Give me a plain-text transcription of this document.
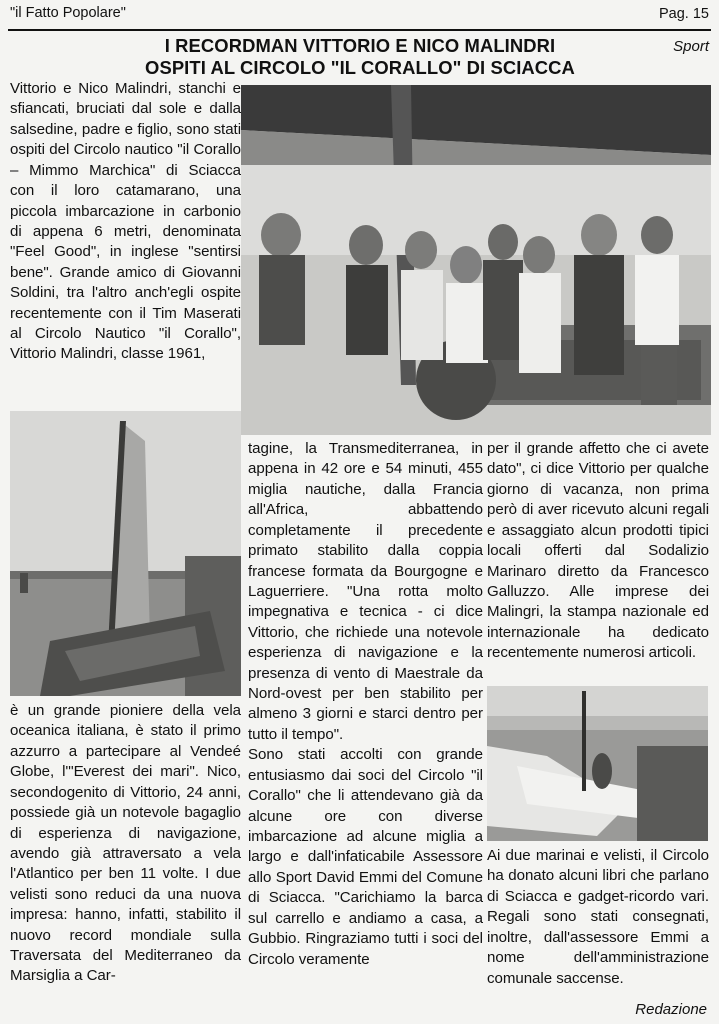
"il Fatto Popolare"	Pag. 15
Sport
I RECORDMAN VITTORIO E NICO MALINDRI
OSPITI AL CIRCOLO "IL CORALLO" DI SCIACCA

Vittorio e Nico Malindri, stanchi e sfiancati, bruciati dal sole e dalla salsedine, padre e figlio, sono stati ospiti del Circolo nautico "il Corallo – Mimmo Marchica" di Sciacca con il loro catamarano, una piccola imbarcazione in carbonio di appena 6 metri, denominata "Feel Good", in inglese "sentirsi bene". Grande amico di Giovanni Soldini, tra l'altro anch'egli ospite recentemente con il Tim Maserati al Circolo Nautico "il Corallo", Vittorio Malindri, classe 1961,

è un grande pioniere della vela oceanica italiana, è stato il primo azzurro a partecipare al Vendeé Globe, l'"Everest dei mari". Nico, secondogenito di Vittorio, 24 anni, possiede già un notevole bagaglio di esperienza di navigazione, avendo già attraversato a vela l'Atlantico per ben 11 volte. I due velisti sono reduci da una nuova impresa: hanno, infatti, stabilito il nuovo record mondiale sulla Traversata del Mediterraneo da Marsiglia a Car-

tagine, la Transmediterranea, in appena in 42 ore e 54 minuti, 455 miglia nautiche, dalla Francia all'Africa, abbattendo completamente il precedente primato stabilito dalla coppia francese formata da Bourgogne e Laguerriere. "Una rotta molto impegnativa e tecnica - ci dice Vittorio, che richiede una notevole esperienza di navigazione e la presenza di vento di Maestrale da Nord-ovest per ben stabilito per almeno 3 giorni e starci dentro per tutto il tempo".

Sono stati accolti con grande entusiasmo dai soci del Circolo "il Corallo" che li attendevano già da alcune ore con diverse imbarcazione ad alcune miglia a largo e dall'infaticabile Assessore allo Sport David Emmi del Comune di Sciacca. "Carichiamo la barca sul carrello e andiamo a casa, a Gubbio. Ringraziamo tutti i soci del Circolo veramente

per il grande affetto che ci avete dato", ci dice Vittorio per qualche giorno di vacanza, non prima però di aver ricevuto alcuni regali e assaggiato alcun prodotti tipici locali offerti dal Sodalizio Marinaro diretto da Francesco Galluzzo. Alle imprese dei Malingri, la stampa nazionale ed internazionale ha dedicato recentemente numerosi articoli.

Ai due marinai e velisti, il Circolo ha donato alcuni libri che parlano di Sciacca e gadget-ricordo vari. Regali sono stati consegnati, inoltre, dall'assessore Emmi a nome dell'amministrazione comunale saccense.

Redazione
